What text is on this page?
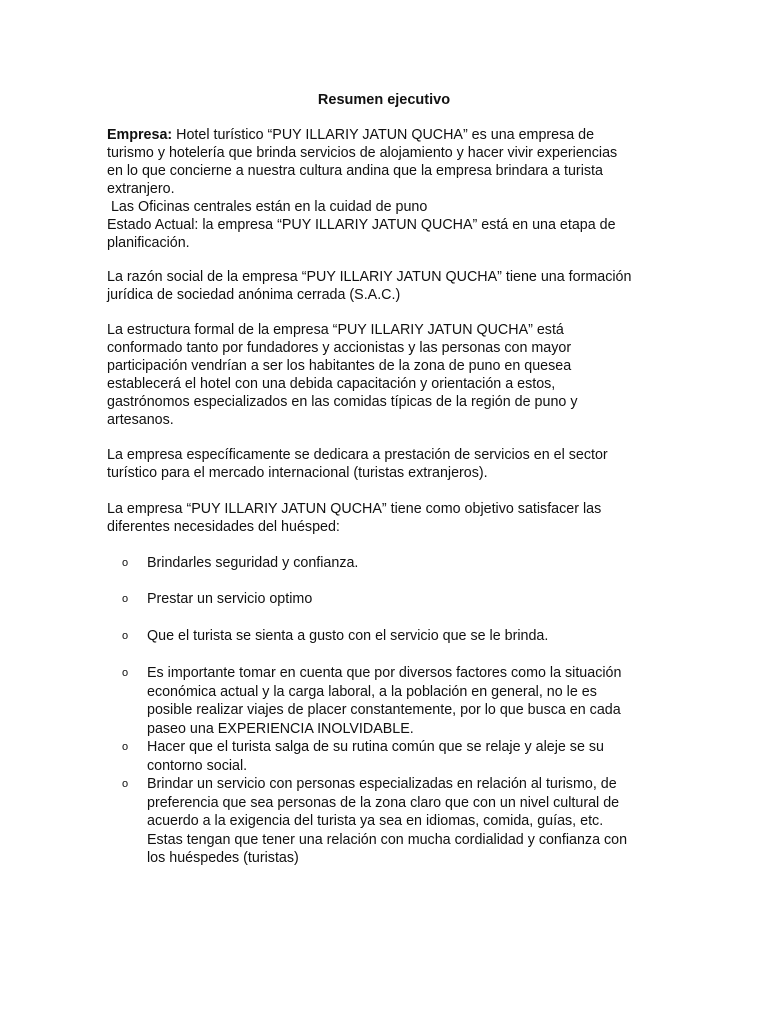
Resumen ejecutivo

Empresa: Hotel turístico “PUY ILLARIY JATUN QUCHA” es una empresa de

turismo y hotelería que brinda servicios de alojamiento y hacer vivir experiencias

en lo que concierne a nuestra cultura andina que la empresa brindara a turista

extranjero.

Las Oficinas centrales están en la cuidad de puno

Estado Actual: la empresa “PUY ILLARIY JATUN QUCHA” está en una etapa de

planificación.

La razón social de la empresa “PUY ILLARIY JATUN QUCHA” tiene una formación

jurídica de sociedad anónima cerrada (S.A.C.)

La estructura formal de la empresa “PUY ILLARIY JATUN QUCHA” está

conformado tanto por fundadores y accionistas y las personas con mayor

participación vendrían a ser los habitantes de la zona de puno en quesea

establecerá el hotel con una debida capacitación y orientación a estos,

gastrónomos especializados en las comidas típicas de la región de puno y

artesanos.

La empresa específicamente se dedicara a prestación de servicios en el sector

turístico para el mercado internacional (turistas extranjeros).

La empresa “PUY ILLARIY JATUN QUCHA” tiene como objetivo satisfacer las

diferentes necesidades del huésped:

o	Brindarles seguridad y confianza.
o	Prestar un servicio optimo
o	Que el turista se sienta a gusto con el servicio que se le brinda.
o	Es importante tomar en cuenta que por diversos factores como la situación
económica actual y la carga laboral, a la población en general, no le es
posible realizar viajes de placer constantemente, por lo que busca en cada
paseo una EXPERIENCIA INOLVIDABLE.
o	Hacer que el turista salga de su rutina común que se relaje y aleje se su
contorno social.
o	Brindar un servicio con personas especializadas en relación al turismo, de
preferencia que sea personas de la zona claro que con un nivel cultural de
acuerdo a la exigencia del turista ya sea en idiomas, comida, guías, etc.
Estas tengan que tener una relación con mucha cordialidad y confianza con
los huéspedes (turistas)
